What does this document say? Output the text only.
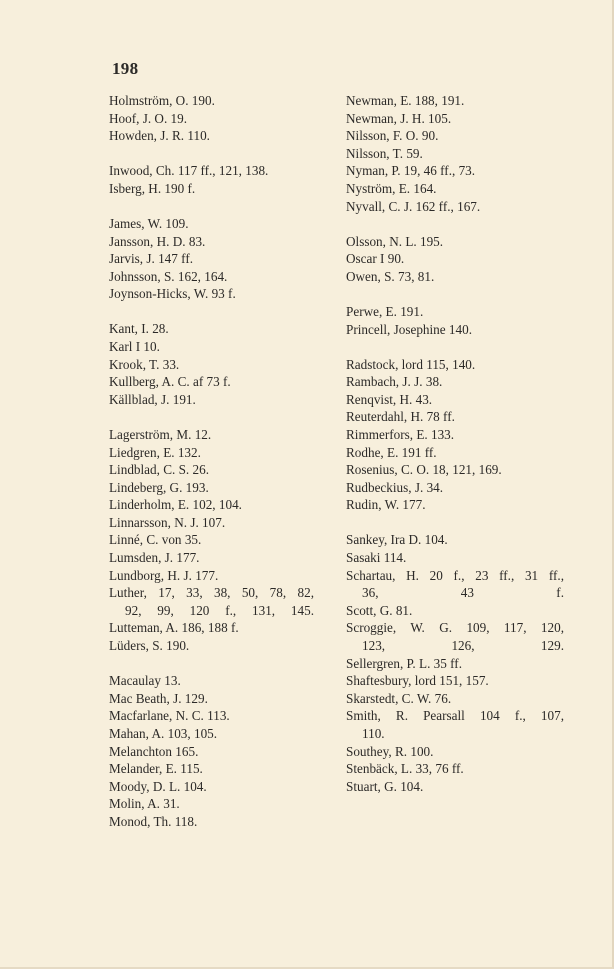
198
Holmström, O. 190.
Hoof, J. O. 19.
Howden, J. R. 110.
Inwood, Ch. 117 ff., 121, 138.
Isberg, H. 190 f.
James, W. 109.
Jansson, H. D. 83.
Jarvis, J. 147 ff.
Johnsson, S. 162, 164.
Joynson-Hicks, W. 93 f.
Kant, I. 28.
Karl I 10.
Krook, T. 33.
Kullberg, A. C. af 73 f.
Källblad, J. 191.
Lagerström, M. 12.
Liedgren, E. 132.
Lindblad, C. S. 26.
Lindeberg, G. 193.
Linderholm, E. 102, 104.
Linnarsson, N. J. 107.
Linné, C. von 35.
Lumsden, J. 177.
Lundborg, H. J. 177.
Luther, 17, 33, 38, 50, 78, 82,
92, 99, 120 f., 131, 145.
Lutteman, A. 186, 188 f.
Lüders, S. 190.
Macaulay 13.
Mac Beath, J. 129.
Macfarlane, N. C. 113.
Mahan, A. 103, 105.
Melanchton 165.
Melander, E. 115.
Moody, D. L. 104.
Molin, A. 31.
Monod, Th. 118.
Newman, E. 188, 191.
Newman, J. H. 105.
Nilsson, F. O. 90.
Nilsson, T. 59.
Nyman, P. 19, 46 ff., 73.
Nyström, E. 164.
Nyvall, C. J. 162 ff., 167.
Olsson, N. L. 195.
Oscar I 90.
Owen, S. 73, 81.
Perwe, E. 191.
Princell, Josephine 140.
Radstock, lord 115, 140.
Rambach, J. J. 38.
Renqvist, H. 43.
Reuterdahl, H. 78 ff.
Rimmerfors, E. 133.
Rodhe, E. 191 ff.
Rosenius, C. O. 18, 121, 169.
Rudbeckius, J. 34.
Rudin, W. 177.
Sankey, Ira D. 104.
Sasaki 114.
Schartau, H. 20 f., 23 ff., 31 ff.,
36, 43 f.
Scott, G. 81.
Scroggie, W. G. 109, 117, 120,
123, 126, 129.
Sellergren, P. L. 35 ff.
Shaftesbury, lord 151, 157.
Skarstedt, C. W. 76.
Smith, R. Pearsall 104 f., 107,
110.
Southey, R. 100.
Stenbäck, L. 33, 76 ff.
Stuart, G. 104.
